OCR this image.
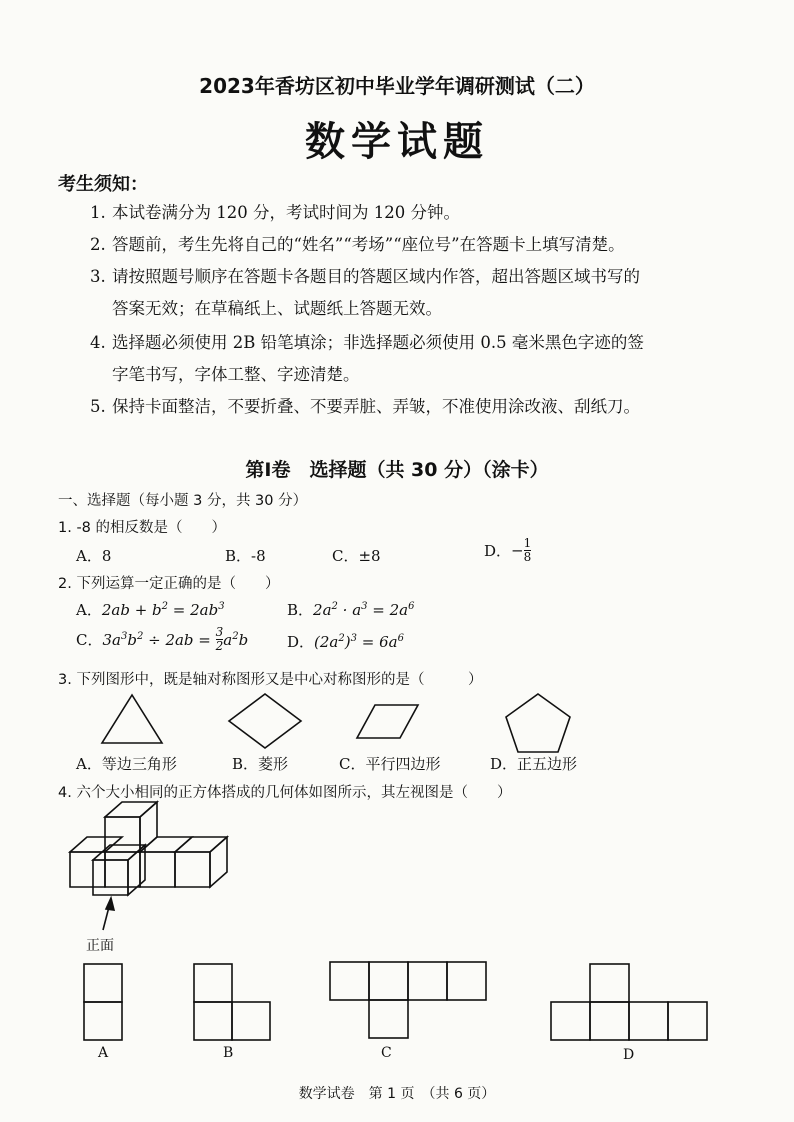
2023年香坊区初中毕业学年调研测试（二）
数学试题
考生须知：
1. 本试卷满分为 120 分，考试时间为 120 分钟。
2. 答题前，考生先将自己的“姓名”“考场”“座位号”在答题卡上填写清楚。
3. 请按照题号顺序在答题卡各题目的答题区域内作答，超出答题区域书写的
答案无效；在草稿纸上、试题纸上答题无效。
4. 选择题必须使用 2B 铅笔填涂；非选择题必须使用 0.5 毫米黑色字迹的签
字笔书写，字体工整、字迹清楚。
5. 保持卡面整洁，不要折叠、不要弄脏、弄皱，不准使用涂改液、刮纸刀。
第Ⅰ卷　选择题（共 30 分）（涂卡）
一、选择题（每小题 3 分，共 30 分）
1. -8 的相反数是（　　）
A．8	B．-8	C．±8	D．− $\frac{1}{8}$
2. 下列运算一定正确的是（　　）
A．$2ab + b^2 = 2ab^3$	B．$2a^2 \cdot a^3 = 2a^6$
C．$3a^3b^2 \div 2ab = \frac{3}{2} a^2b$	D．$(2a^2)^3 = 6a^6$
3. 下列图形中，既是轴对称图形又是中心对称图形的是（　　　）
A．等边三角形	B．菱形	C．平行四边形	D．正五边形
4. 六个大小相同的正方体搭成的几何体如图所示，其左视图是（　　）
正面
A	B	C	D
数学试卷　第 1 页　（共 6 页）
